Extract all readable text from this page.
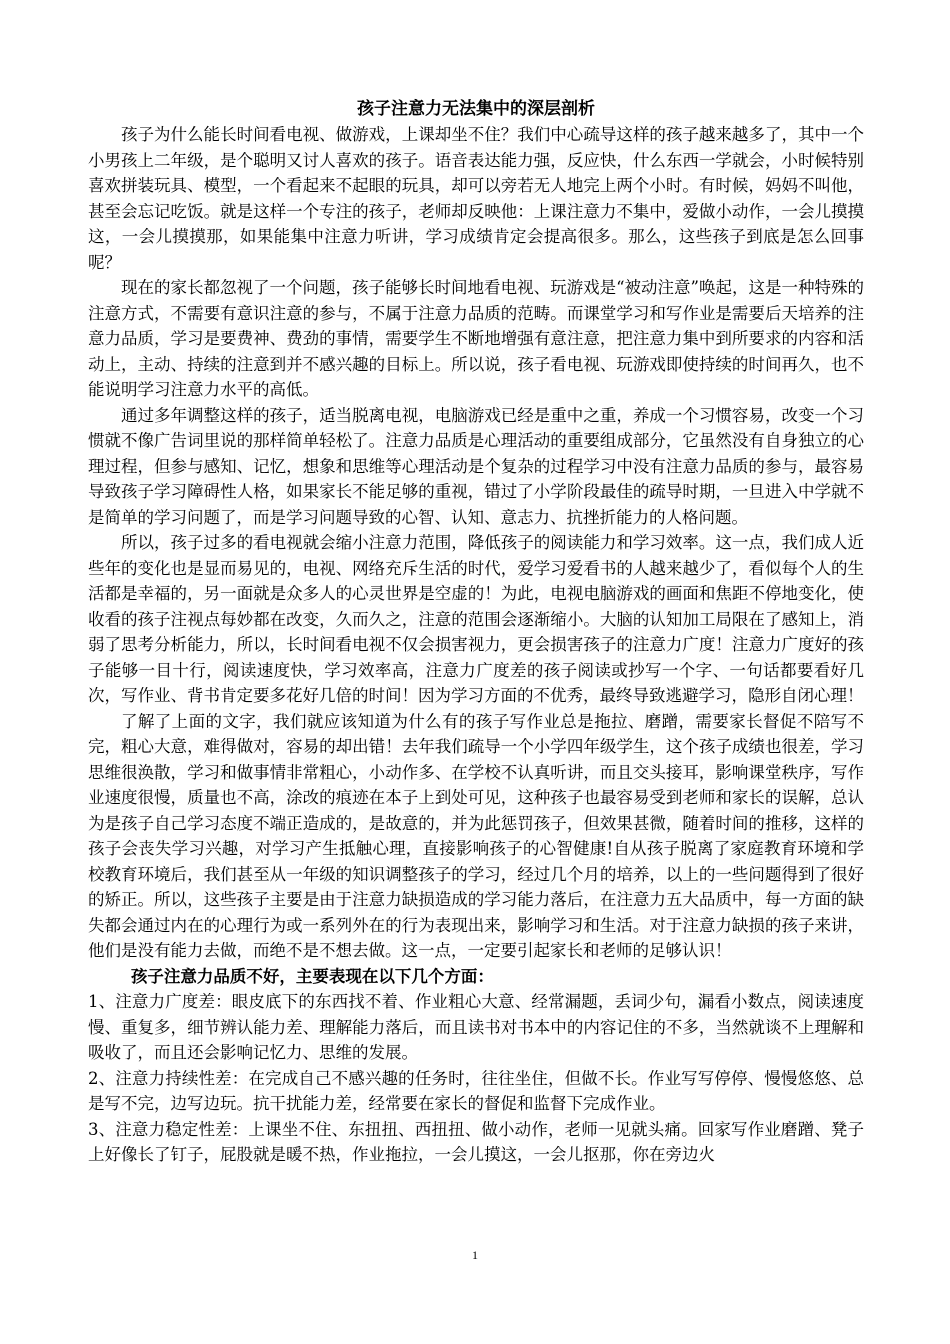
孩子注意力无法集中的深层剖析

孩子为什么能长时间看电视、做游戏，上课却坐不住？我们中心疏导这样的孩子越来越多了，其中一个小男孩上二年级，是个聪明又讨人喜欢的孩子。语音表达能力强，反应快，什么东西一学就会，小时候特别喜欢拼装玩具、模型，一个看起来不起眼的玩具，却可以旁若无人地完上两个小时。有时候，妈妈不叫他，甚至会忘记吃饭。就是这样一个专注的孩子，老师却反映他：上课注意力不集中，爱做小动作，一会儿摸摸这，一会儿摸摸那，如果能集中注意力听讲，学习成绩肯定会提高很多。那么，这些孩子到底是怎么回事呢？

现在的家长都忽视了一个问题，孩子能够长时间地看电视、玩游戏是“被动注意”唤起，这是一种特殊的注意方式，不需要有意识注意的参与，不属于注意力品质的范畴。而课堂学习和写作业是需要后天培养的注意力品质，学习是要费神、费劲的事情，需要学生不断地增强有意注意，把注意力集中到所要求的内容和活动上，主动、持续的注意到并不感兴趣的目标上。所以说，孩子看电视、玩游戏即使持续的时间再久，也不能说明学习注意力水平的高低。

通过多年调整这样的孩子，适当脱离电视，电脑游戏已经是重中之重，养成一个习惯容易，改变一个习惯就不像广告词里说的那样简单轻松了。注意力品质是心理活动的重要组成部分，它虽然没有自身独立的心理过程，但参与感知、记忆，想象和思维等心理活动是个复杂的过程学习中没有注意力品质的参与，最容易导致孩子学习障碍性人格，如果家长不能足够的重视，错过了小学阶段最佳的疏导时期，一旦进入中学就不是简单的学习问题了，而是学习问题导致的心智、认知、意志力、抗挫折能力的人格问题。

所以，孩子过多的看电视就会缩小注意力范围，降低孩子的阅读能力和学习效率。这一点，我们成人近些年的变化也是显而易见的，电视、网络充斥生活的时代，爱学习爱看书的人越来越少了，看似每个人的生活都是幸福的，另一面就是众多人的心灵世界是空虚的！为此，电视电脑游戏的画面和焦距不停地变化，使收看的孩子注视点每妙都在改变，久而久之，注意的范围会逐渐缩小。大脑的认知加工局限在了感知上，消弱了思考分析能力，所以，长时间看电视不仅会损害视力，更会损害孩子的注意力广度！注意力广度好的孩子能够一目十行，阅读速度快，学习效率高，注意力广度差的孩子阅读或抄写一个字、一句话都要看好几次，写作业、背书肯定要多花好几倍的时间！因为学习方面的不优秀，最终导致逃避学习，隐形自闭心理！

了解了上面的文字，我们就应该知道为什么有的孩子写作业总是拖拉、磨蹭，需要家长督促不陪写不完，粗心大意，难得做对，容易的却出错！去年我们疏导一个小学四年级学生，这个孩子成绩也很差，学习思维很涣散，学习和做事情非常粗心，小动作多、在学校不认真听讲，而且交头接耳，影响课堂秩序，写作业速度很慢，质量也不高，涂改的痕迹在本子上到处可见，这种孩子也最容易受到老师和家长的误解，总认为是孩子自己学习态度不端正造成的，是故意的，并为此惩罚孩子，但效果甚微，随着时间的推移，这样的孩子会丧失学习兴趣，对学习产生抵触心理，直接影响孩子的心智健康!自从孩子脱离了家庭教育环境和学校教育环境后，我们甚至从一年级的知识调整孩子的学习，经过几个月的培养，以上的一些问题得到了很好的矫正。所以，这些孩子主要是由于注意力缺损造成的学习能力落后，在注意力五大品质中，每一方面的缺失都会通过内在的心理行为或一系列外在的行为表现出来，影响学习和生活。对于注意力缺损的孩子来讲，他们是没有能力去做，而绝不是不想去做。这一点，一定要引起家长和老师的足够认识！

孩子注意力品质不好，主要表现在以下几个方面：

1、注意力广度差：眼皮底下的东西找不着、作业粗心大意、经常漏题，丢词少句，漏看小数点，阅读速度慢、重复多，细节辨认能力差、理解能力落后，而且读书对书本中的内容记住的不多，当然就谈不上理解和吸收了，而且还会影响记忆力、思维的发展。

2、注意力持续性差：在完成自己不感兴趣的任务时，往往坐住，但做不长。作业写写停停、慢慢悠悠、总是写不完，边写边玩。抗干扰能力差，经常要在家长的督促和监督下完成作业。

3、注意力稳定性差：上课坐不住、东扭扭、西扭扭、做小动作，老师一见就头痛。回家写作业磨蹭、凳子上好像长了钉子，屁股就是暖不热，作业拖拉，一会儿摸这，一会儿抠那，你在旁边火

1
